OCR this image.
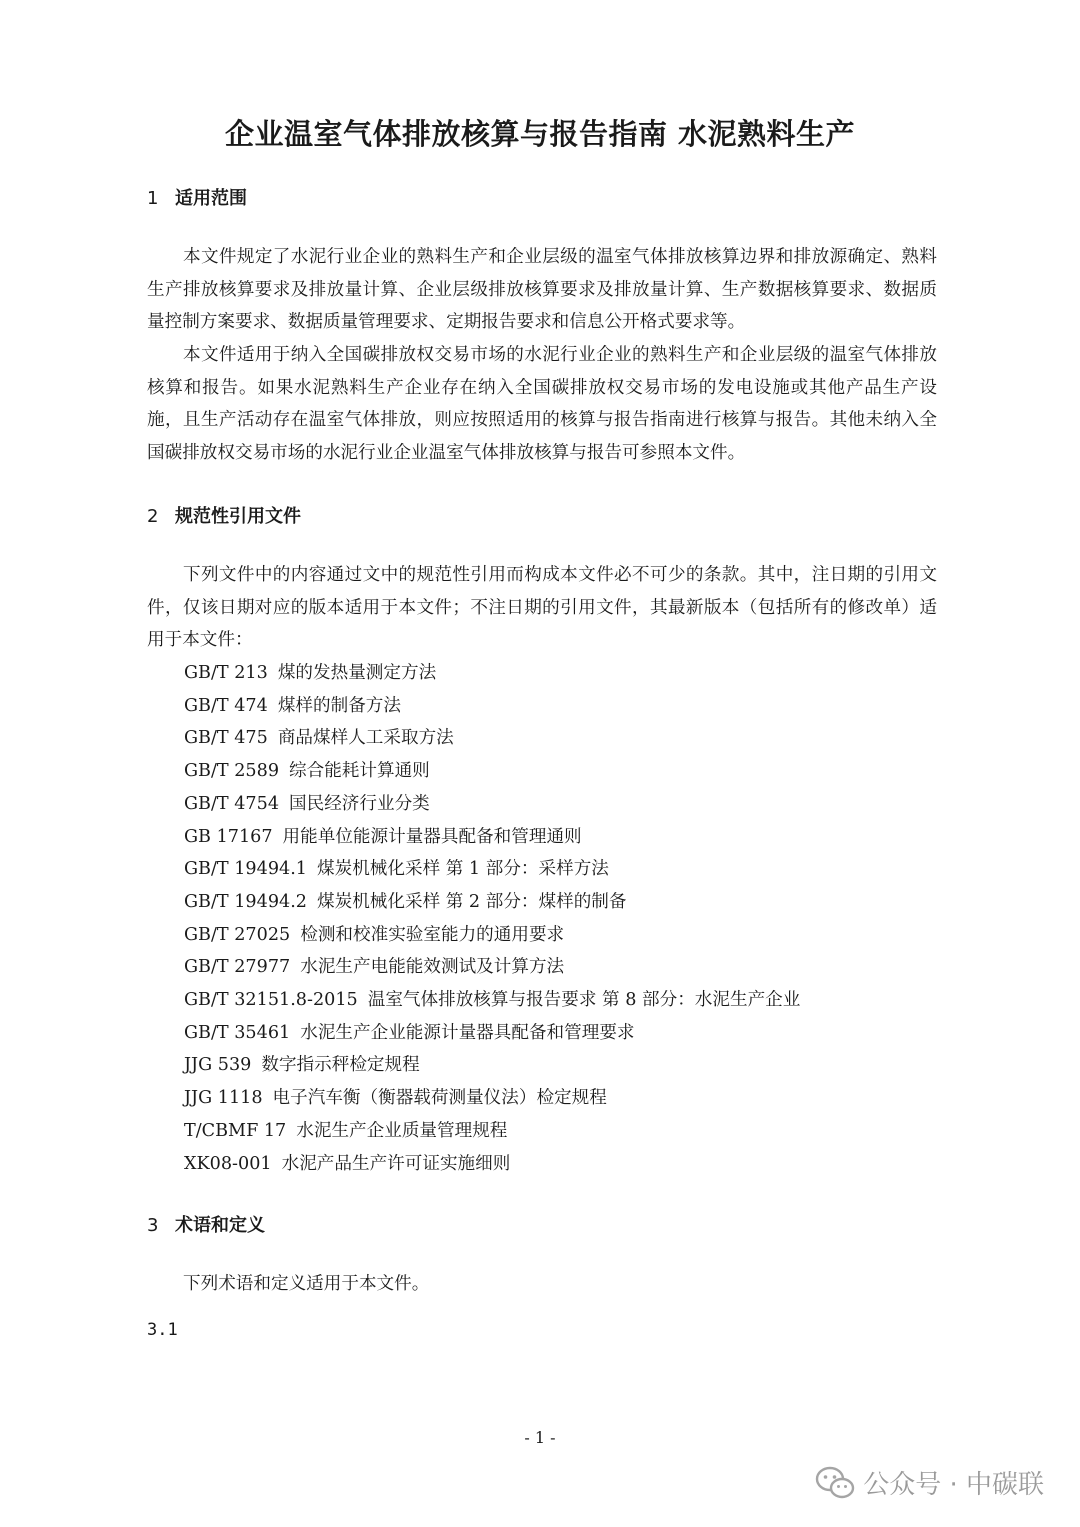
企业温室气体排放核算与报告指南 水泥熟料生产
1 适用范围

本文件规定了水泥行业企业的熟料生产和企业层级的温室气体排放核算边界和排放源确定、熟料生产排放核算要求及排放量计算、企业层级排放核算要求及排放量计算、生产数据核算要求、数据质量控制方案要求、数据质量管理要求、定期报告要求和信息公开格式要求等。

本文件适用于纳入全国碳排放权交易市场的水泥行业企业的熟料生产和企业层级的温室气体排放核算和报告。如果水泥熟料生产企业存在纳入全国碳排放权交易市场的发电设施或其他产品生产设施，且生产活动存在温室气体排放，则应按照适用的核算与报告指南进行核算与报告。其他未纳入全国碳排放权交易市场的水泥行业企业温室气体排放核算与报告可参照本文件。

2 规范性引用文件

下列文件中的内容通过文中的规范性引用而构成本文件必不可少的条款。其中，注日期的引用文件，仅该日期对应的版本适用于本文件；不注日期的引用文件，其最新版本（包括所有的修改单）适用于本文件：

GB/T 213 煤的发热量测定方法
GB/T 474 煤样的制备方法
GB/T 475 商品煤样人工采取方法
GB/T 2589 综合能耗计算通则
GB/T 4754 国民经济行业分类
GB 17167 用能单位能源计量器具配备和管理通则
GB/T 19494.1 煤炭机械化采样 第 1 部分：采样方法
GB/T 19494.2 煤炭机械化采样 第 2 部分：煤样的制备
GB/T 27025 检测和校准实验室能力的通用要求
GB/T 27977 水泥生产电能能效测试及计算方法
GB/T 32151.8-2015 温室气体排放核算与报告要求 第 8 部分：水泥生产企业
GB/T 35461 水泥生产企业能源计量器具配备和管理要求
JJG 539 数字指示秤检定规程
JJG 1118 电子汽车衡（衡器载荷测量仪法）检定规程
T/CBMF 17 水泥生产企业质量管理规程
XK08-001 水泥产品生产许可证实施细则
3 术语和定义

下列术语和定义适用于本文件。

3.1
- 1 -
公众号 · 中碳联
